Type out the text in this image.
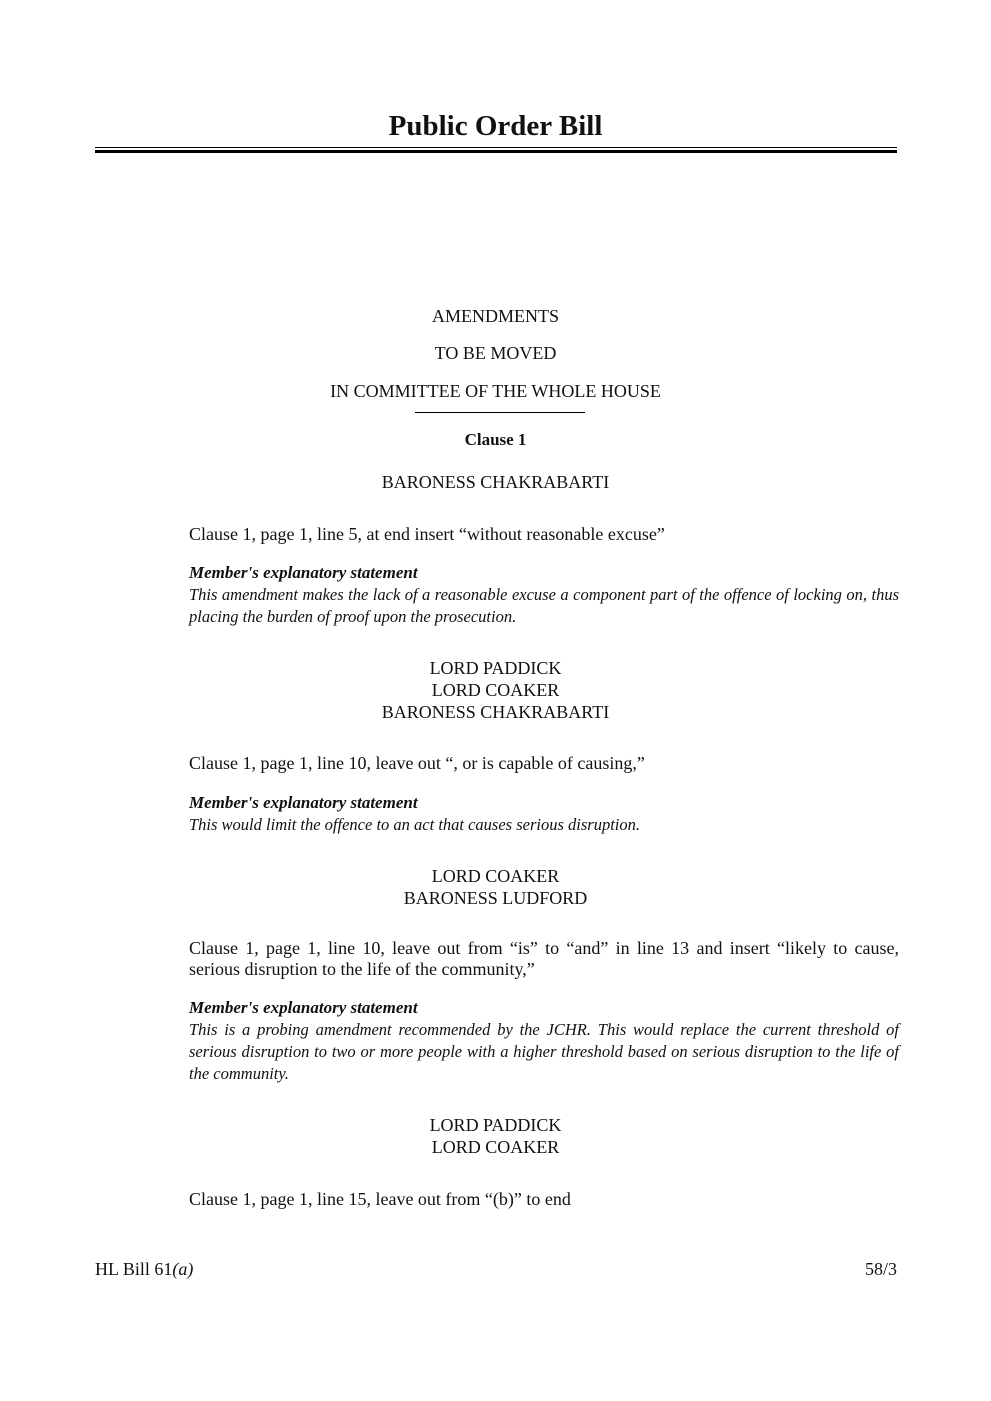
Public Order Bill
AMENDMENTS
TO BE MOVED
IN COMMITTEE OF THE WHOLE HOUSE
Clause 1
BARONESS CHAKRABARTI
Clause 1, page 1, line 5, at end insert “without reasonable excuse”
Member's explanatory statement
This amendment makes the lack of a reasonable excuse a component part of the offence of locking on, thus placing the burden of proof upon the prosecution.
LORD PADDICK
LORD COAKER
BARONESS CHAKRABARTI
Clause 1, page 1, line 10, leave out “, or is capable of causing,”
Member's explanatory statement
This would limit the offence to an act that causes serious disruption.
LORD COAKER
BARONESS LUDFORD
Clause 1, page 1, line 10, leave out from “is” to “and” in line 13 and insert “likely to cause, serious disruption to the life of the community,”
Member's explanatory statement
This is a probing amendment recommended by the JCHR. This would replace the current threshold of serious disruption to two or more people with a higher threshold based on serious disruption to the life of the community.
LORD PADDICK
LORD COAKER
Clause 1, page 1, line 15, leave out from “(b)” to end
HL Bill 61(a)	58/3
